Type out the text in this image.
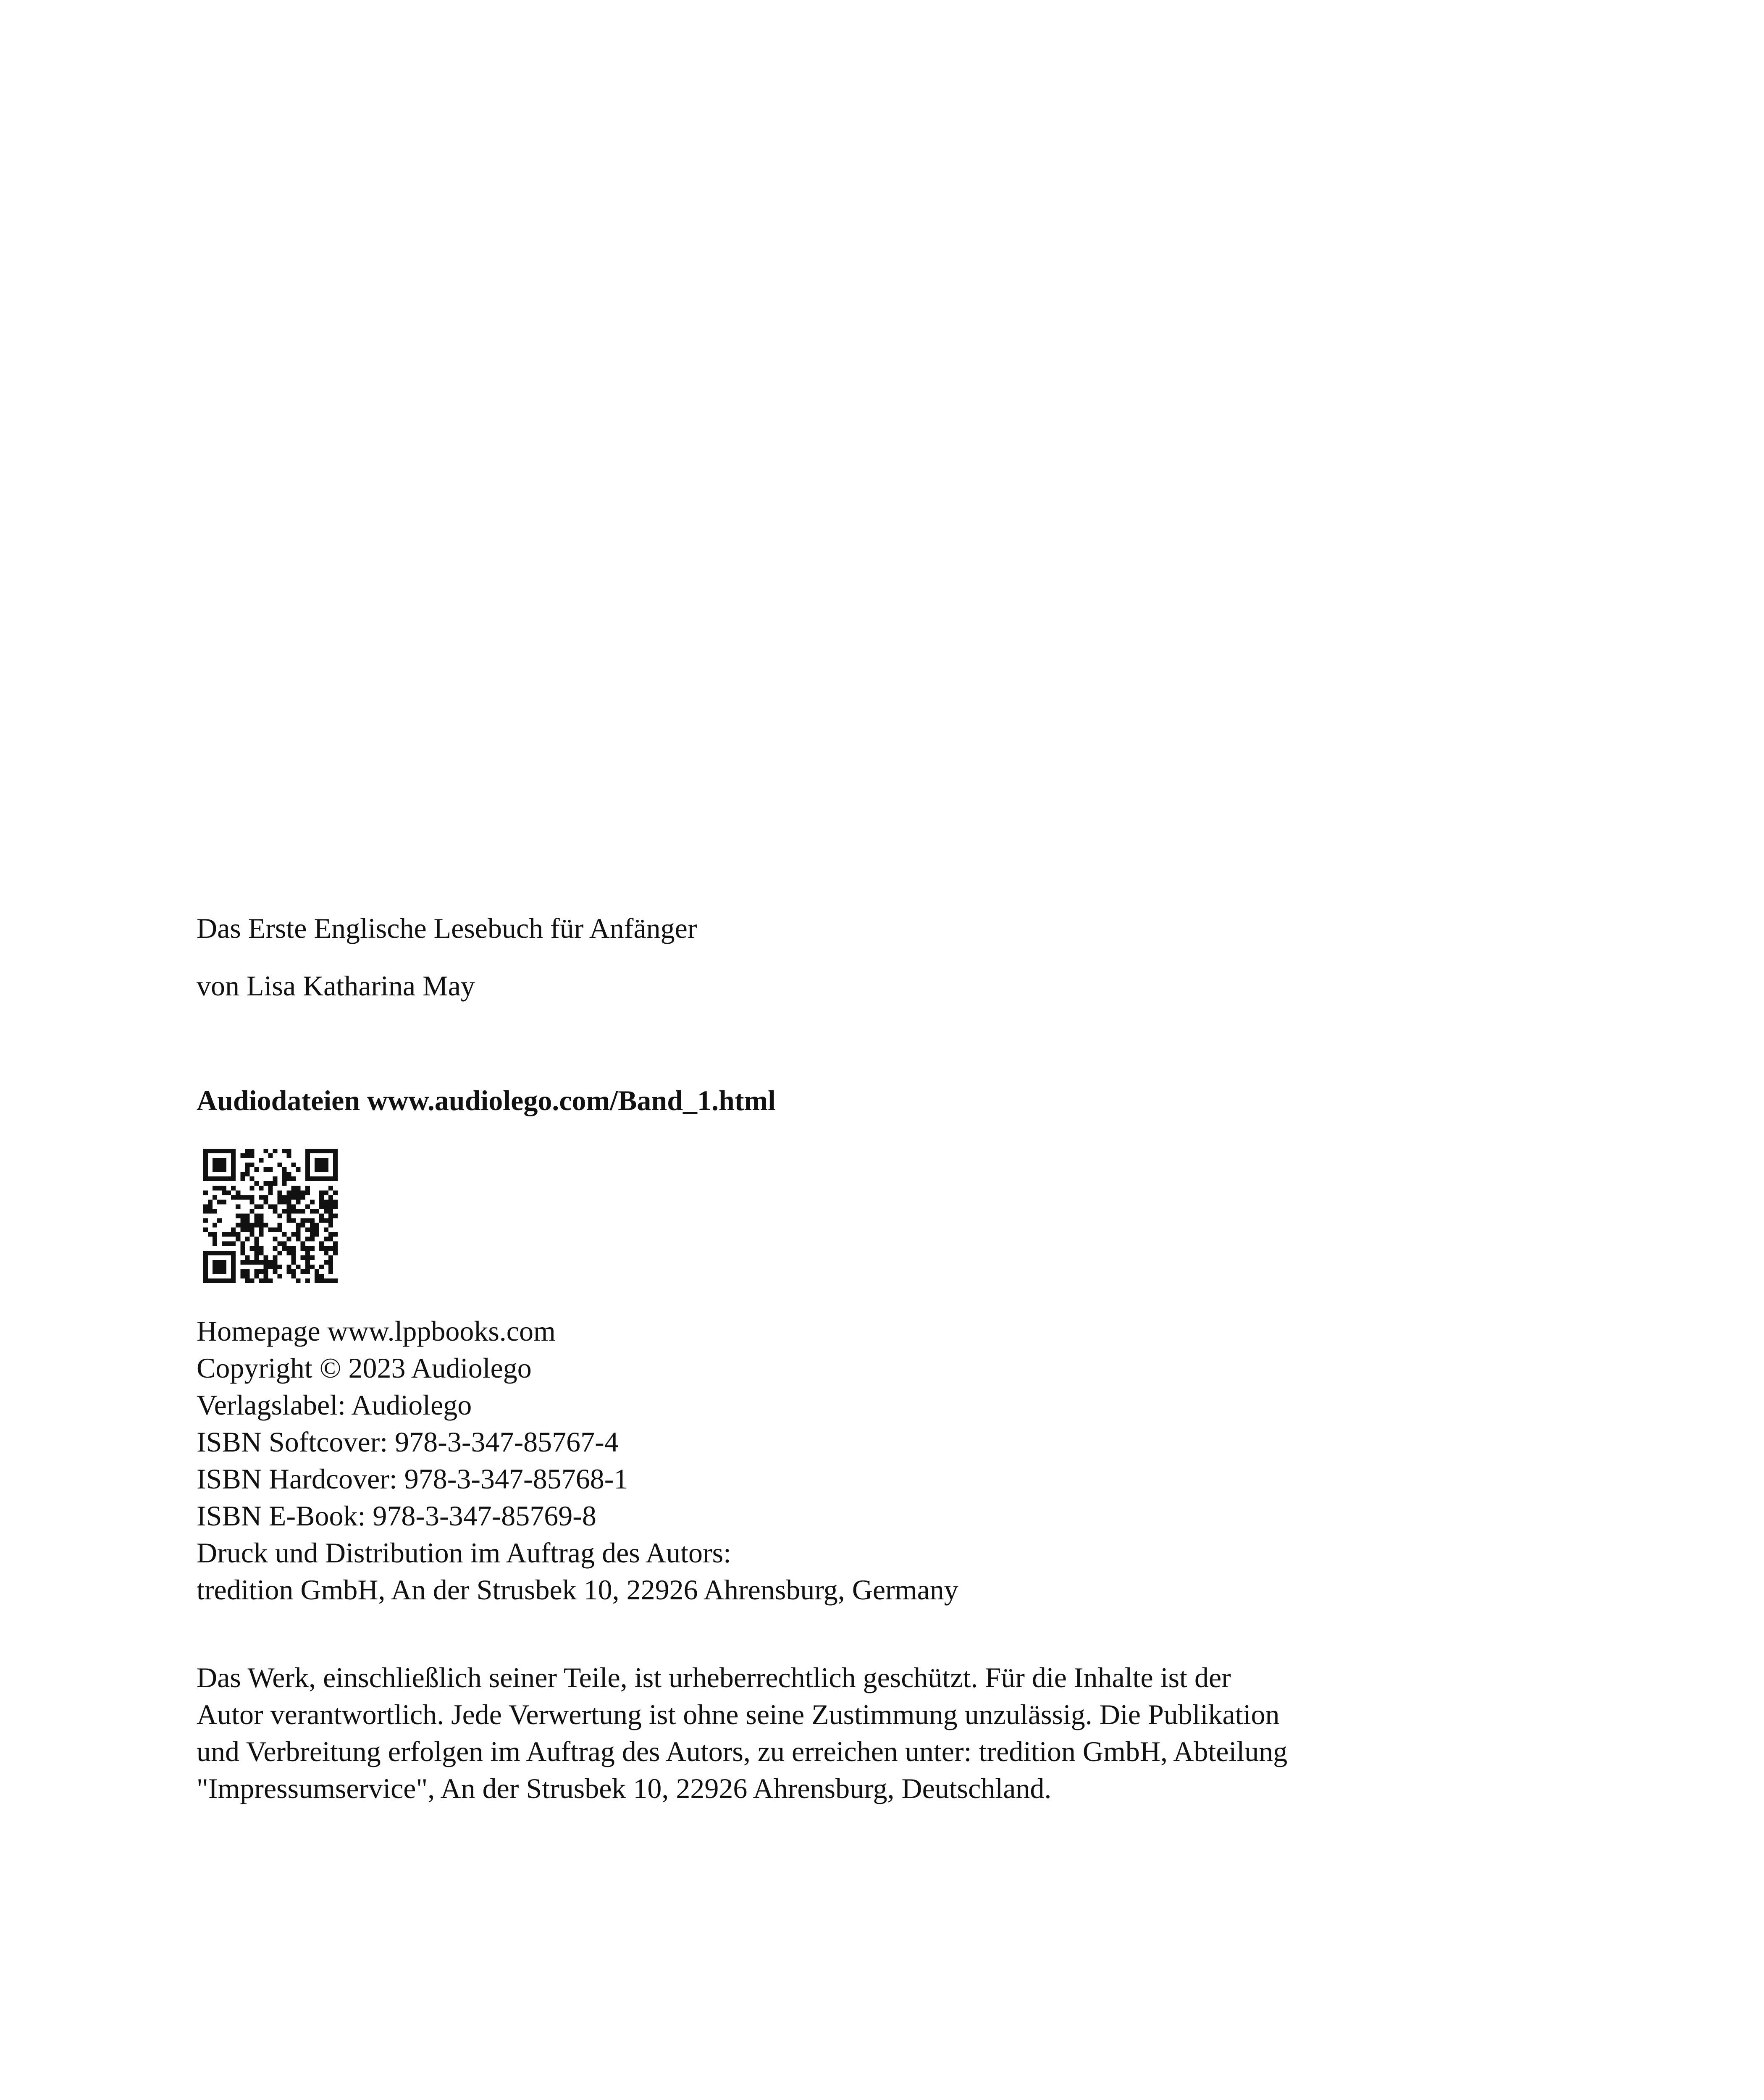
Das Erste Englische Lesebuch für Anfänger

von Lisa Katharina May

Audiodateien www.audiolego.com/Band_1.html

Homepage www.lppbooks.com
Copyright © 2023 Audiolego
Verlagslabel: Audiolego
ISBN Softcover: 978-3-347-85767-4
ISBN Hardcover: 978-3-347-85768-1
ISBN E-Book: 978-3-347-85769-8
Druck und Distribution im Auftrag des Autors:
tredition GmbH, An der Strusbek 10, 22926 Ahrensburg, Germany
Das Werk, einschließlich seiner Teile, ist urheberrechtlich geschützt. Für die Inhalte ist der
Autor verantwortlich. Jede Verwertung ist ohne seine Zustimmung unzulässig. Die Publikation
und Verbreitung erfolgen im Auftrag des Autors, zu erreichen unter: tredition GmbH, Abteilung
"Impressumservice", An der Strusbek 10, 22926 Ahrensburg, Deutschland.
